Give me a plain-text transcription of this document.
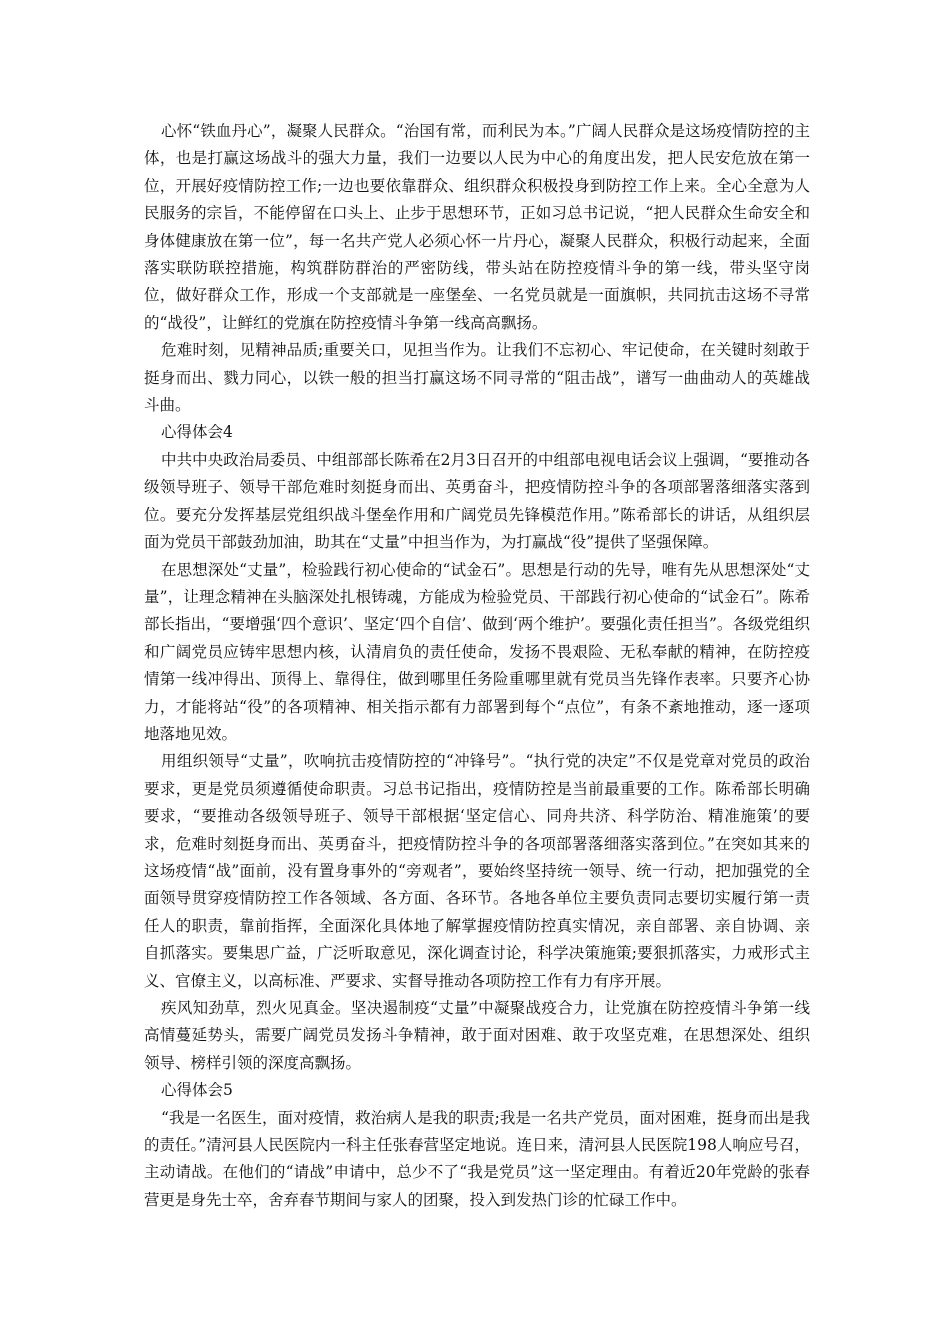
心怀“铁血丹心”，凝聚人民群众。“治国有常，而利民为本。”广阔人民群众是这场疫情防控的主体，也是打赢这场战斗的强大力量，我们一边要以人民为中心的角度出发，把人民安危放在第一位，开展好疫情防控工作;一边也要依靠群众、组织群众积极投身到防控工作上来。全心全意为人民服务的宗旨，不能停留在口头上、止步于思想环节，正如习总书记说，“把人民群众生命安全和身体健康放在第一位”，每一名共产党人必须心怀一片丹心，凝聚人民群众，积极行动起来，全面落实联防联控措施，构筑群防群治的严密防线，带头站在防控疫情斗争的第一线，带头坚守岗位，做好群众工作，形成一个支部就是一座堡垒、一名党员就是一面旗帜，共同抗击这场不寻常的“战役”，让鲜红的党旗在防控疫情斗争第一线高高飘扬。

危难时刻，见精神品质;重要关口，见担当作为。让我们不忘初心、牢记使命，在关键时刻敢于挺身而出、戮力同心，以铁一般的担当打赢这场不同寻常的“阻击战”，谱写一曲曲动人的英雄战斗曲。

心得体会4

中共中央政治局委员、中组部部长陈希在2月3日召开的中组部电视电话会议上强调，“要推动各级领导班子、领导干部危难时刻挺身而出、英勇奋斗，把疫情防控斗争的各项部署落细落实落到位。要充分发挥基层党组织战斗堡垒作用和广阔党员先锋模范作用。”陈希部长的讲话，从组织层面为党员干部鼓劲加油，助其在“丈量”中担当作为，为打赢战“役”提供了坚强保障。

在思想深处“丈量”，检验践行初心使命的“试金石”。思想是行动的先导，唯有先从思想深处“丈量”，让理念精神在头脑深处扎根铸魂，方能成为检验党员、干部践行初心使命的“试金石”。陈希部长指出，“要增强‘四个意识’、坚定‘四个自信’、做到‘两个维护’。要强化责任担当”。各级党组织和广阔党员应铸牢思想内核，认清肩负的责任使命，发扬不畏艰险、无私奉献的精神，在防控疫情第一线冲得出、顶得上、靠得住，做到哪里任务险重哪里就有党员当先锋作表率。只要齐心协力，才能将站“役”的各项精神、相关指示都有力部署到每个“点位”，有条不紊地推动，逐一逐项地落地见效。

用组织领导“丈量”，吹响抗击疫情防控的“冲锋号”。“执行党的决定”不仅是党章对党员的政治要求，更是党员须遵循使命职责。习总书记指出，疫情防控是当前最重要的工作。陈希部长明确要求，“要推动各级领导班子、领导干部根据‘坚定信心、同舟共济、科学防治、精准施策’的要求，危难时刻挺身而出、英勇奋斗，把疫情防控斗争的各项部署落细落实落到位。”在突如其来的这场疫情“战”面前，没有置身事外的“旁观者”，要始终坚持统一领导、统一行动，把加强党的全面领导贯穿疫情防控工作各领域、各方面、各环节。各地各单位主要负责同志要切实履行第一责任人的职责，靠前指挥，全面深化具体地了解掌握疫情防控真实情况，亲自部署、亲自协调、亲自抓落实。要集思广益，广泛听取意见，深化调查讨论，科学决策施策;要狠抓落实，力戒形式主义、官僚主义，以高标准、严要求、实督导推动各项防控工作有力有序开展。

疾风知劲草，烈火见真金。坚决遏制疫“丈量”中凝聚战疫合力，让党旗在防控疫情斗争第一线高情蔓延势头，需要广阔党员发扬斗争精神，敢于面对困难、敢于攻坚克难，在思想深处、组织领导、榜样引领的深度高飘扬。

心得体会5

“我是一名医生，面对疫情，救治病人是我的职责;我是一名共产党员，面对困难，挺身而出是我的责任。”清河县人民医院内一科主任张春营坚定地说。连日来，清河县人民医院198人响应号召，主动请战。在他们的“请战”申请中，总少不了“我是党员”这一坚定理由。有着近20年党龄的张春营更是身先士卒，舍弃春节期间与家人的团聚，投入到发热门诊的忙碌工作中。
